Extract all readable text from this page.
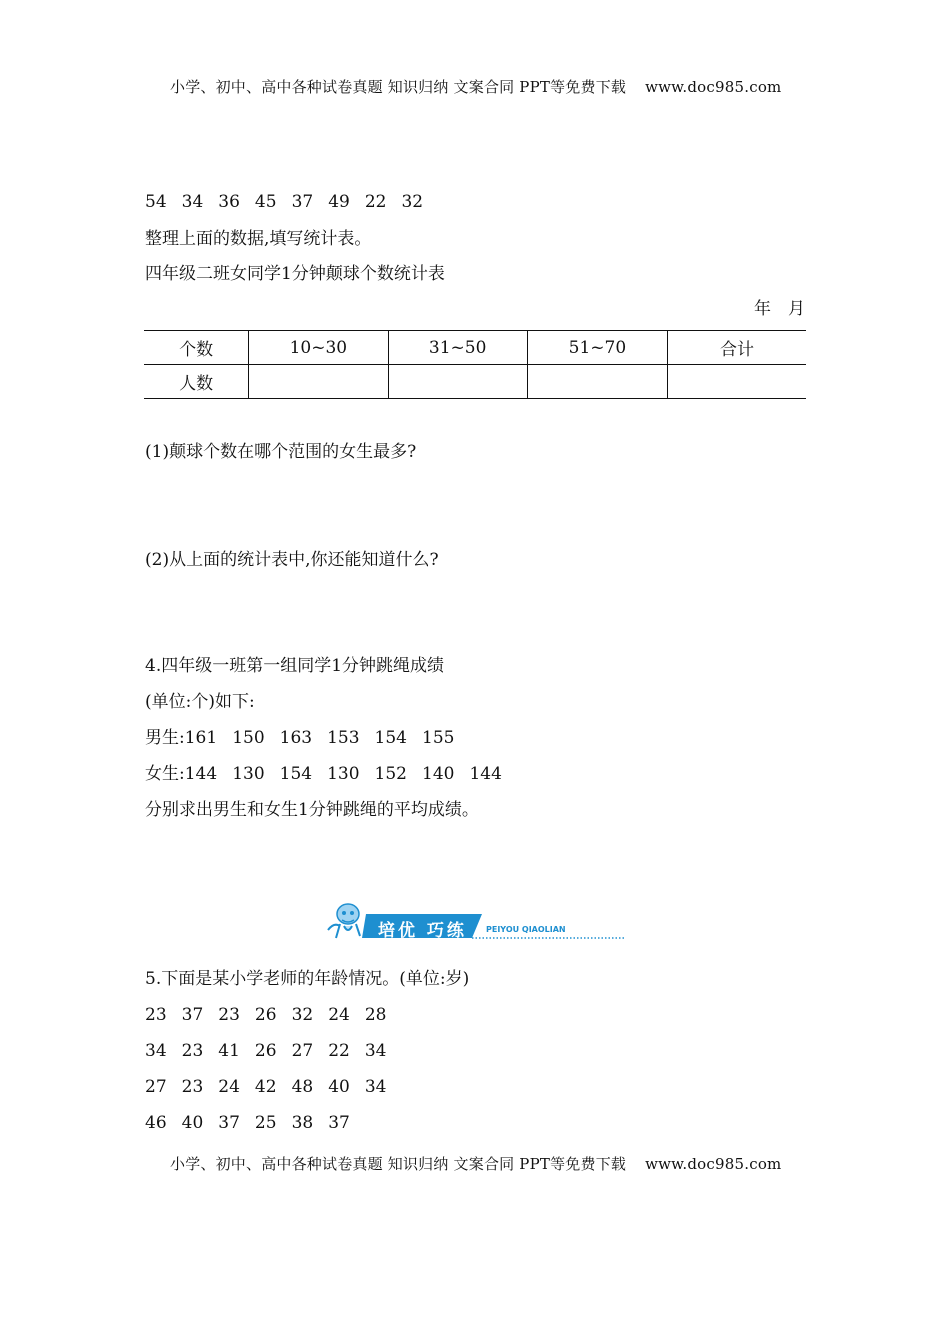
小学、初中、高中各种试卷真题 知识归纳 文案合同 PPT等免费下载 www.doc985.com
54 34 36 45 37 49 22 32
整理上面的数据,填写统计表。
四年级二班女同学1分钟颠球个数统计表
年　月
个数	10~30	31~50	51~70	合计
人数				
(1)颠球个数在哪个范围的女生最多?
(2)从上面的统计表中,你还能知道什么?
4.四年级一班第一组同学1分钟跳绳成绩
(单位:个)如下:
男生:161 150 163 153 154 155
女生:144 130 154 130 152 140 144
分别求出男生和女生1分钟跳绳的平均成绩。
培优 巧练 PEIYOU QIAOLIAN
5.下面是某小学老师的年龄情况。(单位:岁)
23 37 23 26 32 24 28
34 23 41 26 27 22 34
27 23 24 42 48 40 34
46 40 37 25 38 37
小学、初中、高中各种试卷真题 知识归纳 文案合同 PPT等免费下载 www.doc985.com
